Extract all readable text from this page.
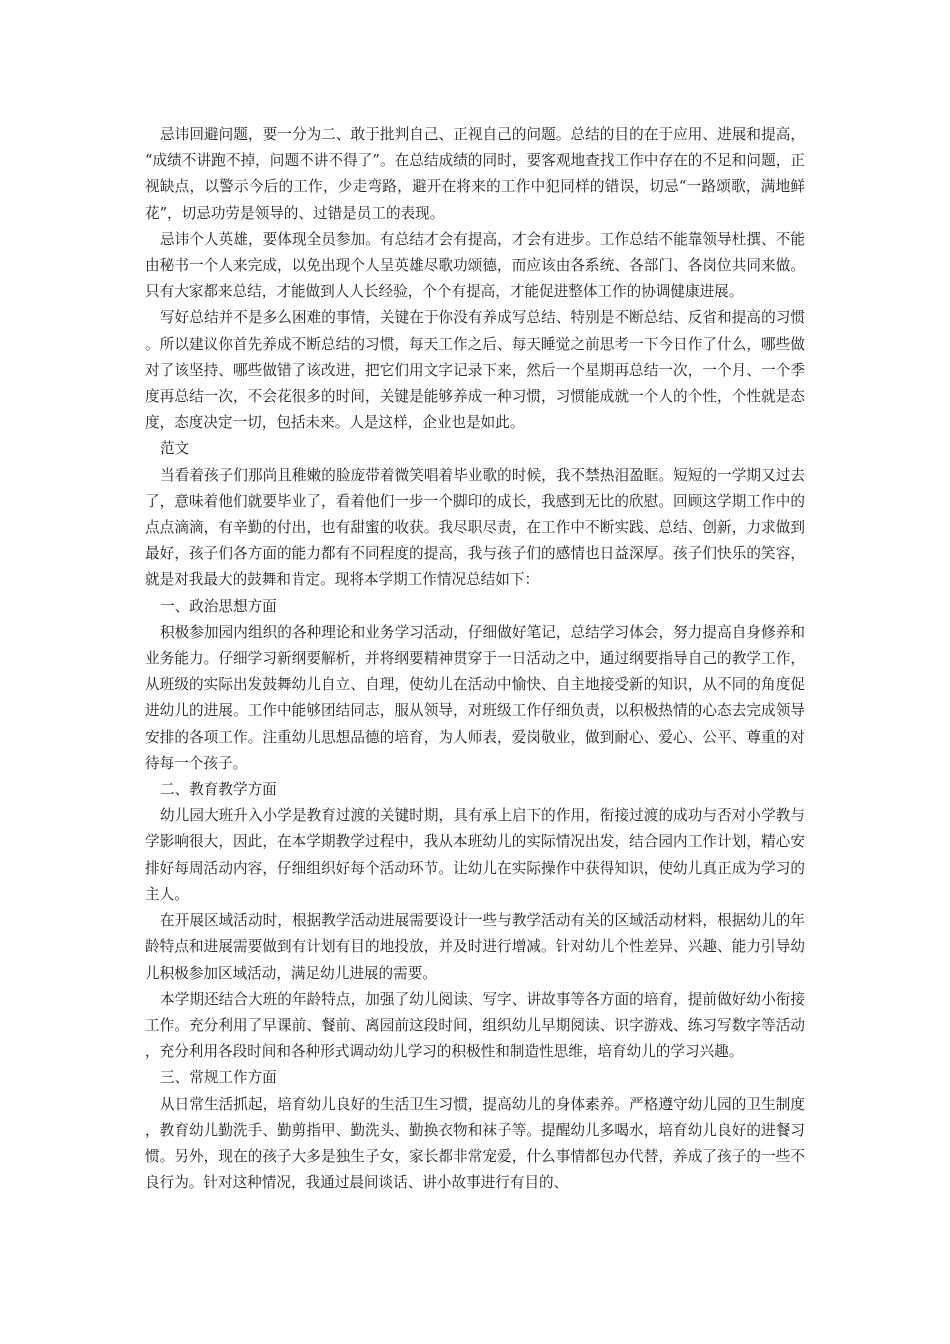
忌讳回避问题，要一分为二、敢于批判自己、正视自己的问题。总结的目的在于应用、进展和提高，“成绩不讲跑不掉，问题不讲不得了”。在总结成绩的同时，要客观地查找工作中存在的不足和问题，正视缺点，以警示今后的工作，少走弯路，避开在将来的工作中犯同样的错误，切忌“一路颂歌，满地鲜花”，切忌功劳是领导的、过错是员工的表现。

忌讳个人英雄，要体现全员参加。有总结才会有提高，才会有进步。工作总结不能靠领导杜撰、不能由秘书一个人来完成，以免出现个人呈英雄尽歌功颂德，而应该由各系统、各部门、各岗位共同来做。只有大家都来总结，才能做到人人长经验，个个有提高，才能促进整体工作的协调健康进展。

写好总结并不是多么困难的事情，关键在于你没有养成写总结、特别是不断总结、反省和提高的习惯。所以建议你首先养成不断总结的习惯，每天工作之后、每天睡觉之前思考一下今日作了什么，哪些做对了该坚持、哪些做错了该改进，把它们用文字记录下来，然后一个星期再总结一次，一个月、一个季度再总结一次，不会花很多的时间，关键是能够养成一种习惯，习惯能成就一个人的个性，个性就是态度，态度决定一切，包括未来。人是这样，企业也是如此。

范文

当看着孩子们那尚且稚嫩的脸庞带着微笑唱着毕业歌的时候，我不禁热泪盈眶。短短的一学期又过去了，意味着他们就要毕业了，看着他们一步一个脚印的成长，我感到无比的欣慰。回顾这学期工作中的点点滴滴，有辛勤的付出，也有甜蜜的收获。我尽职尽责，在工作中不断实践、总结、创新，力求做到最好，孩子们各方面的能力都有不同程度的提高，我与孩子们的感情也日益深厚。孩子们快乐的笑容，就是对我最大的鼓舞和肯定。现将本学期工作情况总结如下：

一、政治思想方面

积极参加园内组织的各种理论和业务学习活动，仔细做好笔记，总结学习体会，努力提高自身修养和业务能力。仔细学习新纲要解析，并将纲要精神贯穿于一日活动之中，通过纲要指导自己的教学工作，从班级的实际出发鼓舞幼儿自立、自理，使幼儿在活动中愉快、自主地接受新的知识，从不同的角度促进幼儿的进展。工作中能够团结同志，服从领导，对班级工作仔细负责，以积极热情的心态去完成领导安排的各项工作。注重幼儿思想品德的培育，为人师表，爱岗敬业，做到耐心、爱心、公平、尊重的对待每一个孩子。

二、教育教学方面

幼儿园大班升入小学是教育过渡的关键时期，具有承上启下的作用，衔接过渡的成功与否对小学教与学影响很大，因此，在本学期教学过程中，我从本班幼儿的实际情况出发，结合园内工作计划，精心安排好每周活动内容，仔细组织好每个活动环节。让幼儿在实际操作中获得知识，使幼儿真正成为学习的主人。

在开展区域活动时，根据教学活动进展需要设计一些与教学活动有关的区域活动材料，根据幼儿的年龄特点和进展需要做到有计划有目的地投放，并及时进行增减。针对幼儿个性差异、兴趣、能力引导幼儿积极参加区域活动，满足幼儿进展的需要。

本学期还结合大班的年龄特点，加强了幼儿阅读、写字、讲故事等各方面的培育，提前做好幼小衔接工作。充分利用了早课前、餐前、离园前这段时间，组织幼儿早期阅读、识字游戏、练习写数字等活动，充分利用各段时间和各种形式调动幼儿学习的积极性和制造性思维，培育幼儿的学习兴趣。

三、常规工作方面

从日常生活抓起，培育幼儿良好的生活卫生习惯，提高幼儿的身体素养。严格遵守幼儿园的卫生制度，教育幼儿勤洗手、勤剪指甲、勤洗头、勤换衣物和袜子等。提醒幼儿多喝水，培育幼儿良好的进餐习惯。另外，现在的孩子大多是独生子女，家长都非常宠爱，什么事情都包办代替，养成了孩子的一些不良行为。针对这种情况，我通过晨间谈话、讲小故事进行有目的、
